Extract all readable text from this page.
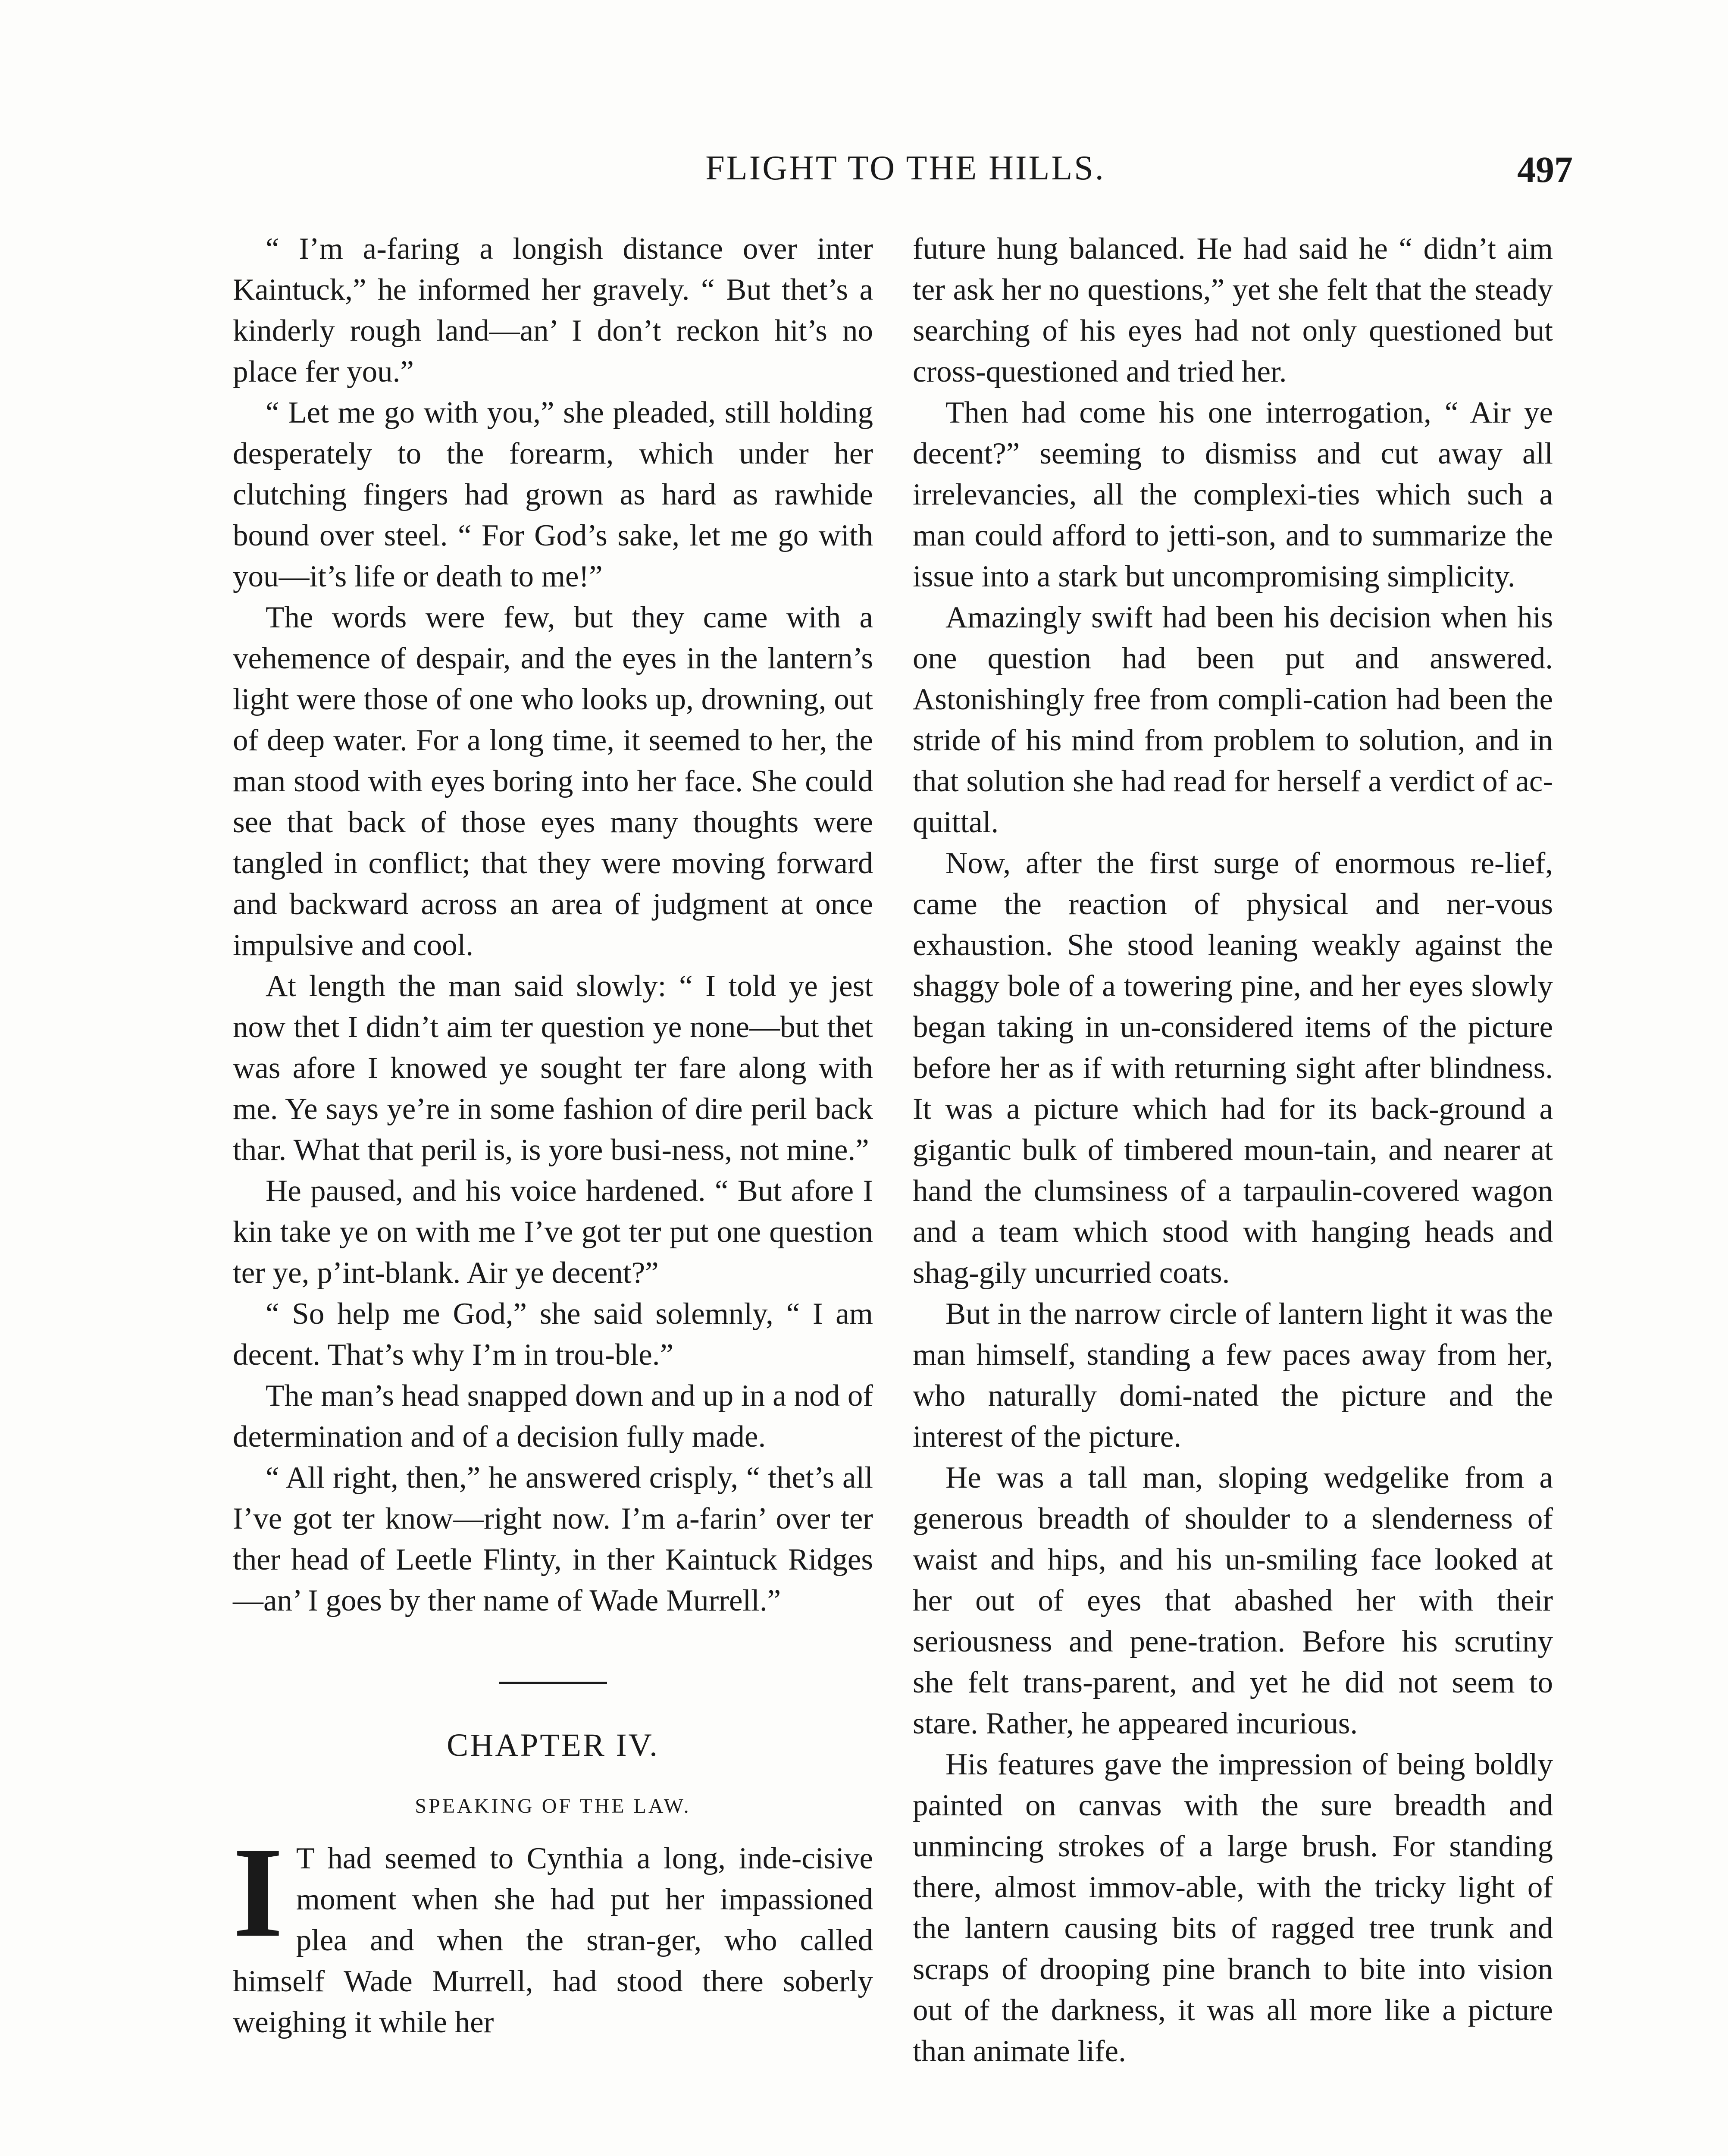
FLIGHT TO THE HILLS.	497

“ I’m a-faring a longish distance over inter Kaintuck,” he informed her gravely. “ But thet’s a kinderly rough land—an’ I don’t reckon hit’s no place fer you.”

“ Let me go with you,” she pleaded, still holding desperately to the forearm, which under her clutching fingers had grown as hard as rawhide bound over steel. “ For God’s sake, let me go with you—it’s life or death to me!”

The words were few, but they came with a vehemence of despair, and the eyes in the lantern’s light were those of one who looks up, drowning, out of deep water. For a long time, it seemed to her, the man stood with eyes boring into her face. She could see that back of those eyes many thoughts were tangled in conflict; that they were moving forward and backward across an area of judgment at once impulsive and cool.

At length the man said slowly: “ I told ye jest now thet I didn’t aim ter question ye none—but thet was afore I knowed ye sought ter fare along with me. Ye says ye’re in some fashion of dire peril back thar. What that peril is, is yore busi-ness, not mine.”

He paused, and his voice hardened. “ But afore I kin take ye on with me I’ve got ter put one question ter ye, p’int-blank. Air ye decent?”

“ So help me God,” she said solemnly, “ I am decent. That’s why I’m in trou-ble.”

The man’s head snapped down and up in a nod of determination and of a decision fully made.

“ All right, then,” he answered crisply, “ thet’s all I’ve got ter know—right now. I’m a-farin’ over ter ther head of Leetle Flinty, in ther Kaintuck Ridges—an’ I goes by ther name of Wade Murrell.”

CHAPTER IV.
SPEAKING OF THE LAW.

I T had seemed to Cynthia a long, inde-cisive moment when she had put her impassioned plea and when the stran-ger, who called himself Wade Murrell, had stood there soberly weighing it while her

future hung balanced. He had said he “ didn’t aim ter ask her no questions,” yet she felt that the steady searching of his eyes had not only questioned but cross-questioned and tried her.

Then had come his one interrogation, “ Air ye decent?” seeming to dismiss and cut away all irrelevancies, all the complexi-ties which such a man could afford to jetti-son, and to summarize the issue into a stark but uncompromising simplicity.

Amazingly swift had been his decision when his one question had been put and answered. Astonishingly free from compli-cation had been the stride of his mind from problem to solution, and in that solution she had read for herself a verdict of ac-quittal.

Now, after the first surge of enormous re-lief, came the reaction of physical and ner-vous exhaustion. She stood leaning weakly against the shaggy bole of a towering pine, and her eyes slowly began taking in un-considered items of the picture before her as if with returning sight after blindness. It was a picture which had for its back-ground a gigantic bulk of timbered moun-tain, and nearer at hand the clumsiness of a tarpaulin-covered wagon and a team which stood with hanging heads and shag-gily uncurried coats.

But in the narrow circle of lantern light it was the man himself, standing a few paces away from her, who naturally domi-nated the picture and the interest of the picture.

He was a tall man, sloping wedgelike from a generous breadth of shoulder to a slenderness of waist and hips, and his un-smiling face looked at her out of eyes that abashed her with their seriousness and pene-tration. Before his scrutiny she felt trans-parent, and yet he did not seem to stare. Rather, he appeared incurious.

His features gave the impression of being boldly painted on canvas with the sure breadth and unmincing strokes of a large brush. For standing there, almost immov-able, with the tricky light of the lantern causing bits of ragged tree trunk and scraps of drooping pine branch to bite into vision out of the darkness, it was all more like a picture than animate life.
